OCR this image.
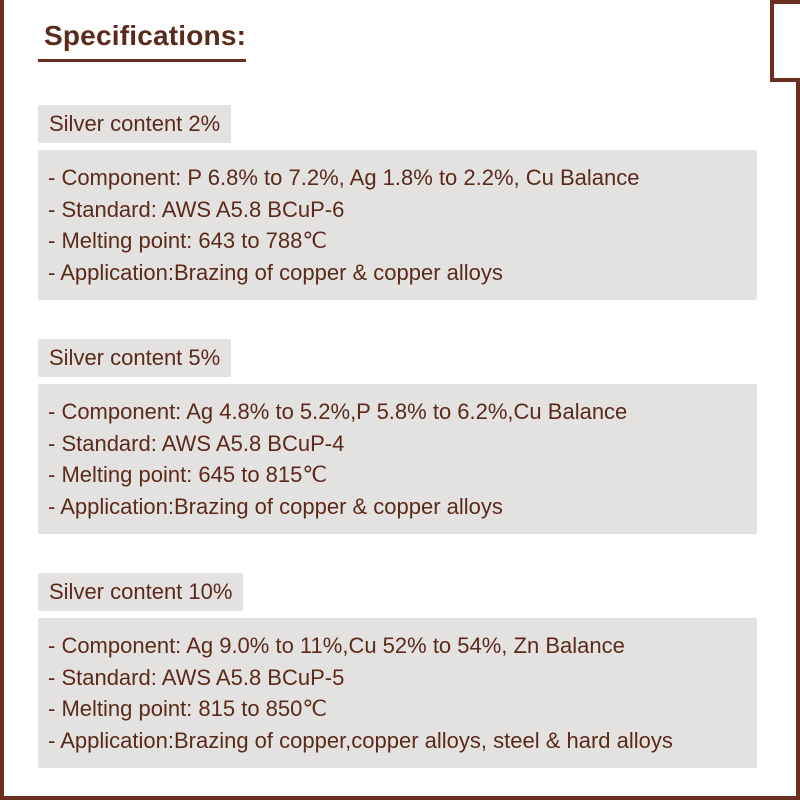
Specifications:
Silver content 2%
- Component: P 6.8% to 7.2%, Ag 1.8% to 2.2%, Cu Balance
- Standard: AWS A5.8 BCuP-6
- Melting point: 643 to 788℃
- Application:Brazing of copper & copper alloys
Silver content 5%
- Component: Ag 4.8% to 5.2%,P 5.8% to 6.2%,Cu Balance
- Standard: AWS A5.8 BCuP-4
- Melting point: 645 to 815℃
- Application:Brazing of copper & copper alloys
Silver content 10%
- Component: Ag 9.0% to 11%,Cu 52% to 54%, Zn Balance
- Standard: AWS A5.8 BCuP-5
- Melting point: 815 to 850℃
- Application:Brazing of copper,copper alloys, steel & hard alloys
